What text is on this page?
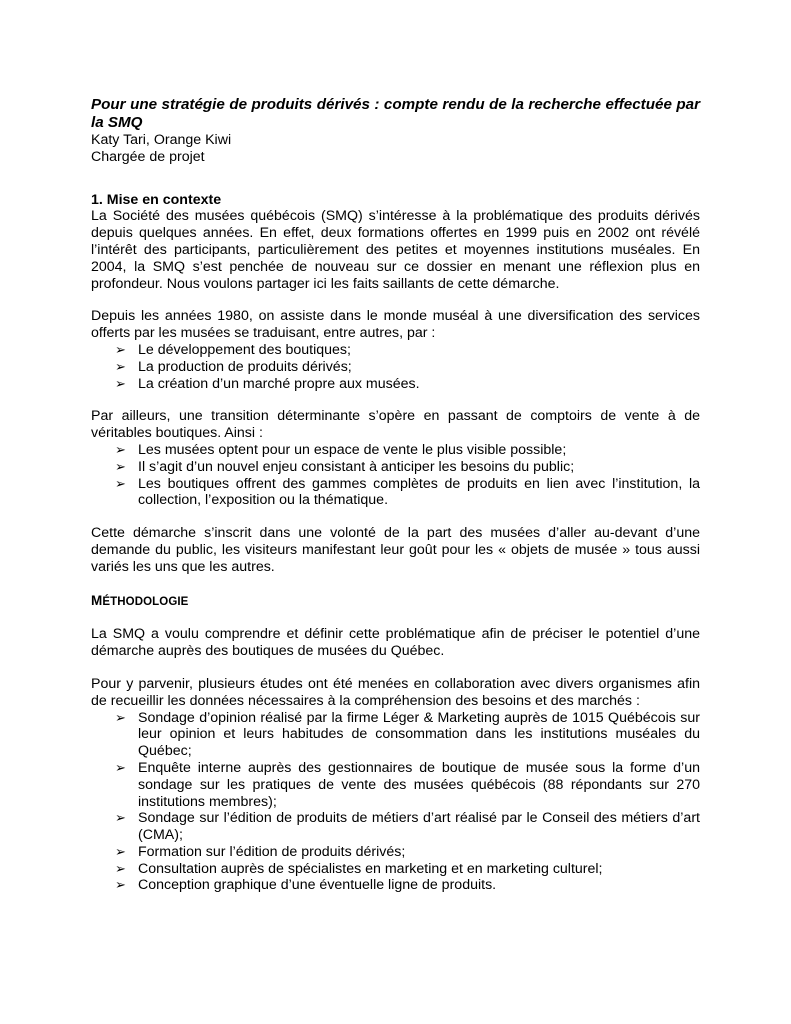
Pour une stratégie de produits dérivés : compte rendu de la recherche effectuée par la SMQ

Katy Tari, Orange Kiwi

Chargée de projet

1. Mise en contexte

La Société des musées québécois (SMQ) s’intéresse à la problématique des produits dérivés depuis quelques années. En effet, deux formations offertes en 1999 puis en 2002 ont révélé l’intérêt des participants, particulièrement des petites et moyennes institutions muséales. En 2004, la SMQ s’est penchée de nouveau sur ce dossier en menant une réflexion plus en profondeur. Nous voulons partager ici les faits saillants de cette démarche.

Depuis les années 1980, on assiste dans le monde muséal à une diversification des services offerts par les musées se traduisant, entre autres, par :

➢ Le développement des boutiques;
➢ La production de produits dérivés;
➢ La création d’un marché propre aux musées.

Par ailleurs, une transition déterminante s’opère en passant de comptoirs de vente à de véritables boutiques. Ainsi :

➢ Les musées optent pour un espace de vente le plus visible possible;
➢ Il s’agit d’un nouvel enjeu consistant à anticiper les besoins du public;
➢ Les boutiques offrent des gammes complètes de produits en lien avec l’institution, la collection, l’exposition ou la thématique.

Cette démarche s’inscrit dans une volonté de la part des musées d’aller au-devant d’une demande du public, les visiteurs manifestant leur goût pour les « objets de musée » tous aussi variés les uns que les autres.

MÉTHODOLOGIE

La SMQ a voulu comprendre et définir cette problématique afin de préciser le potentiel d’une démarche auprès des boutiques de musées du Québec.

Pour y parvenir, plusieurs études ont été menées en collaboration avec divers organismes afin de recueillir les données nécessaires à la compréhension des besoins et des marchés :

➢ Sondage d’opinion réalisé par la firme Léger & Marketing auprès de 1015 Québécois sur leur opinion et leurs habitudes de consommation dans les institutions muséales du Québec;
➢ Enquête interne auprès des gestionnaires de boutique de musée sous la forme d’un sondage sur les pratiques de vente des musées québécois (88 répondants sur 270 institutions membres);
➢ Sondage sur l’édition de produits de métiers d’art réalisé par le Conseil des métiers d’art (CMA);
➢ Formation sur l’édition de produits dérivés;
➢ Consultation auprès de spécialistes en marketing et en marketing culturel;
➢ Conception graphique d’une éventuelle ligne de produits.
